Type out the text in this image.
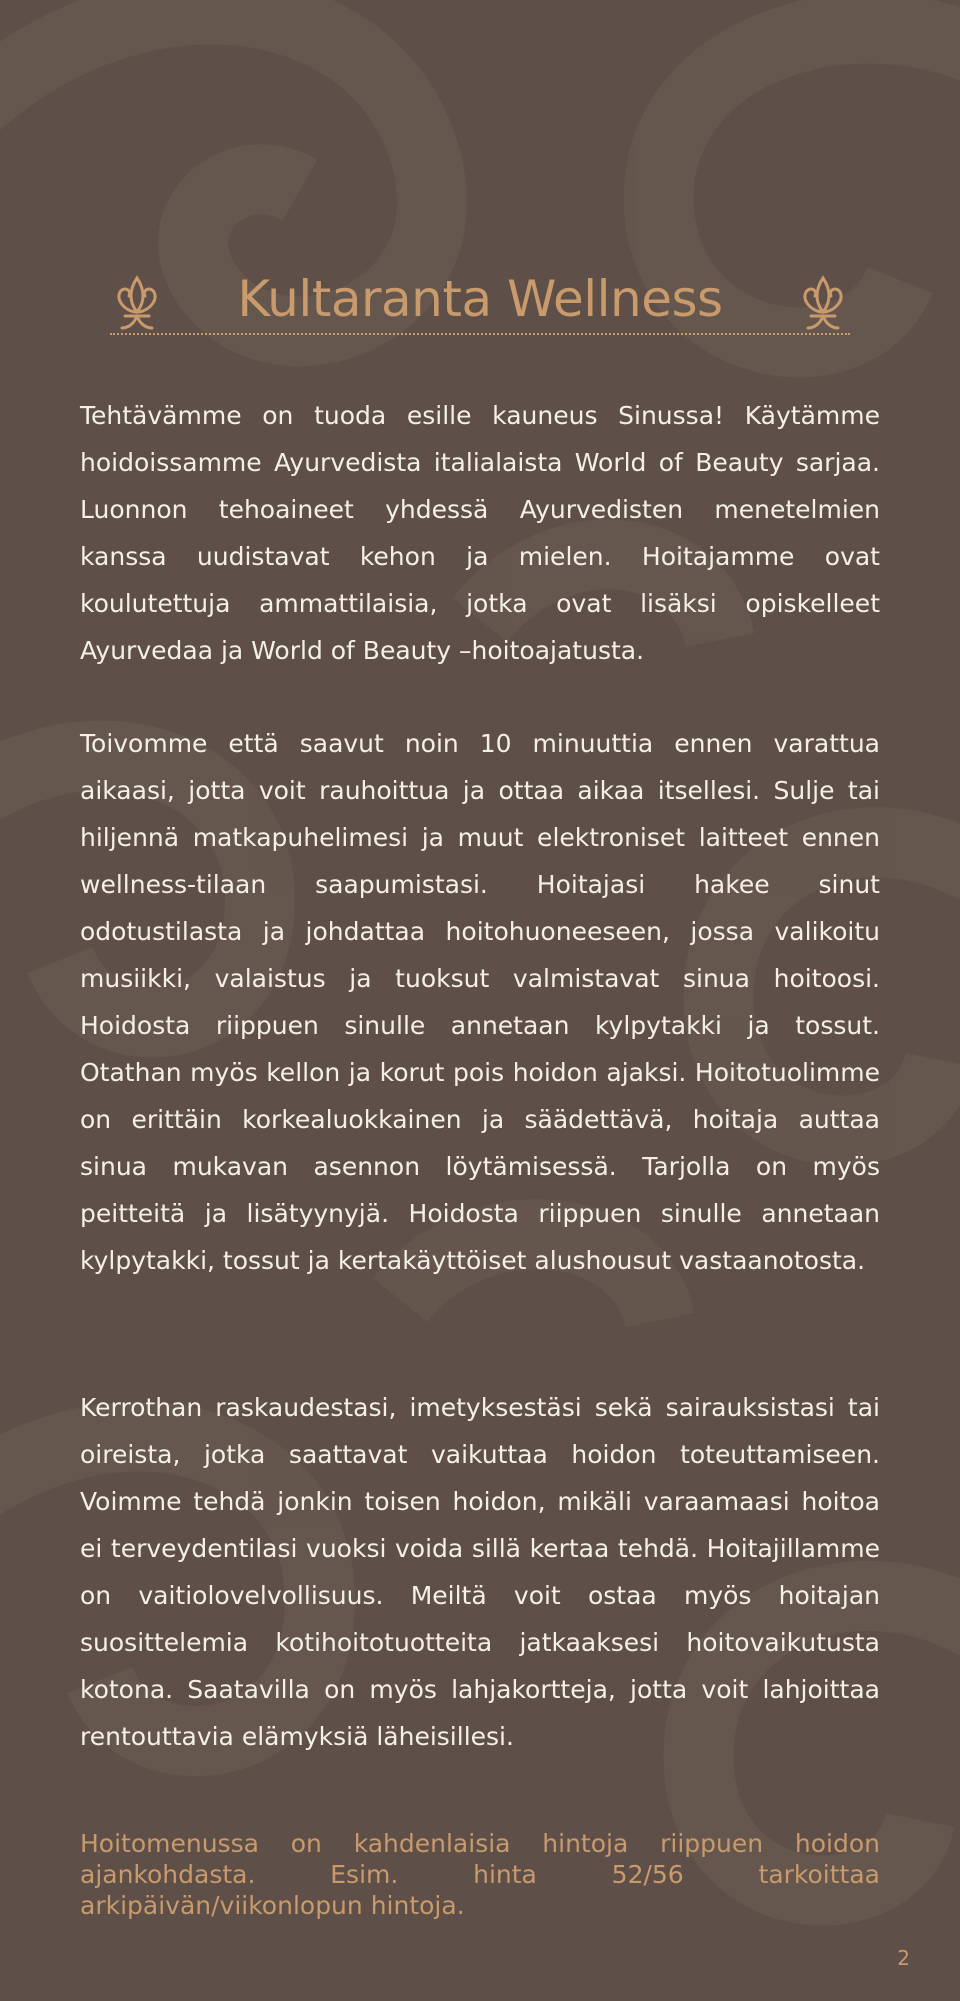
Kultaranta Wellness

Tehtävämme on tuoda esille kauneus Sinussa! Käytämme hoidoissamme Ayurvedista italialaista World of Beauty sarjaa. Luonnon tehoaineet yhdessä Ayurvedisten menetelmien kanssa uudistavat kehon ja mielen. Hoitajamme ovat koulutettuja ammattilaisia, jotka ovat lisäksi opiskelleet Ayurvedaa ja World of Beauty –hoitoajatusta.

Toivomme että saavut noin 10 minuuttia ennen varattua aikaasi, jotta voit rauhoittua ja ottaa aikaa itsellesi. Sulje tai hiljennä matkapuhelimesi ja muut elektroniset laitteet ennen wellness-tilaan saapumistasi. Hoitajasi hakee sinut odotustilasta ja johdattaa hoitohuoneeseen, jossa valikoitu musiikki, valaistus ja tuoksut valmistavat sinua hoitoosi. Hoidosta riippuen sinulle annetaan kylpytakki ja tossut. Otathan myös kellon ja korut pois hoidon ajaksi. Hoitotuolimme on erittäin korkealuokkainen ja säädettävä, hoitaja auttaa sinua mukavan asennon löytämisessä. Tarjolla on myös peitteitä ja lisätyynyjä. Hoidosta riippuen sinulle annetaan kylpytakki, tossut ja kertakäyttöiset alushousut vastaanotosta.

Kerrothan raskaudestasi, imetyksestäsi sekä sairauksistasi tai oireista, jotka saattavat vaikuttaa hoidon toteuttamiseen. Voimme tehdä jonkin toisen hoidon, mikäli varaamaasi hoitoa ei terveydentilasi vuoksi voida sillä kertaa tehdä. Hoitajillamme on vaitiolovelvollisuus. Meiltä voit ostaa myös hoitajan suosittelemia kotihoitotuotteita jatkaaksesi hoitovaikutusta kotona. Saatavilla on myös lahjakortteja, jotta voit lahjoittaa rentouttavia elämyksiä läheisillesi.

Hoitomenussa on kahdenlaisia hintoja riippuen hoidon ajankohdasta. Esim. hinta 52/56 tarkoittaa arkipäivän/viikonlopun hintoja.

2
